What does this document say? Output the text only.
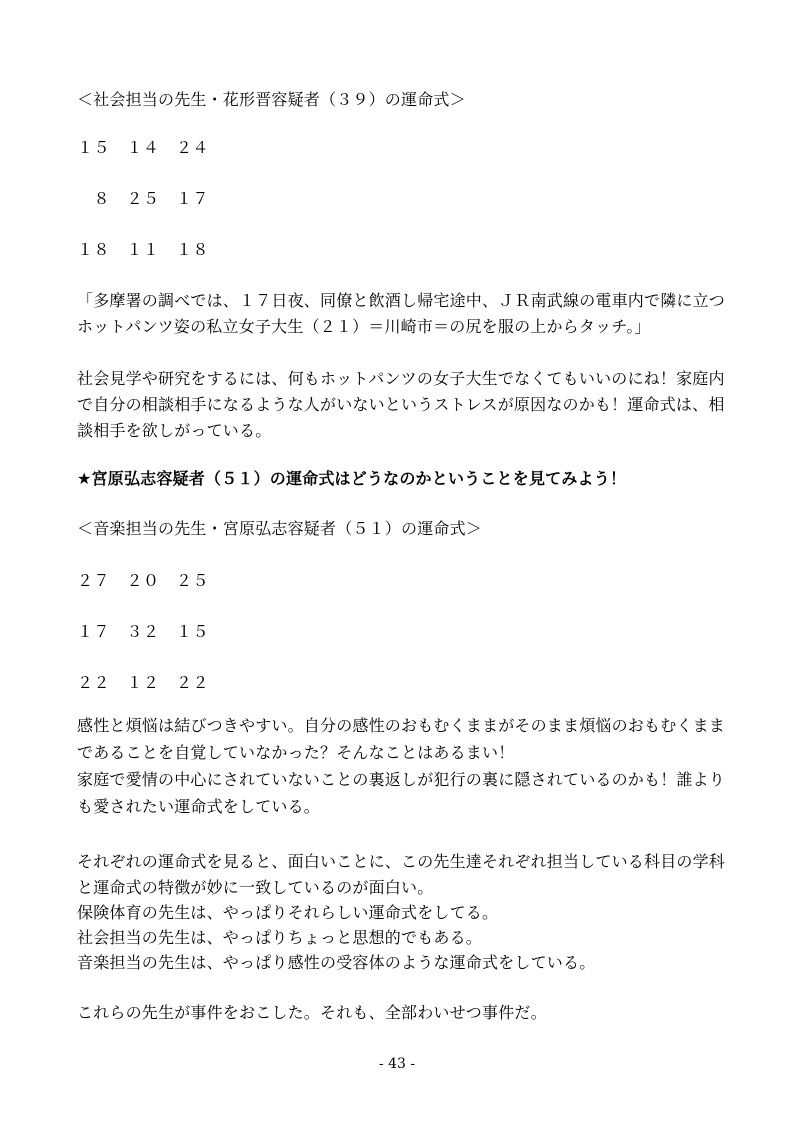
＜社会担当の先生・花形晋容疑者（３９）の運命式＞
１５　１４　２４
　８　２５　１７
１８　１１　１８
「多摩署の調べでは、１７日夜、同僚と飲酒し帰宅途中、ＪＲ南武線の電車内で隣に立つ
ホットパンツ姿の私立女子大生（２１）＝川崎市＝の尻を服の上からタッチ。」
社会見学や研究をするには、何もホットパンツの女子大生でなくてもいいのにね！家庭内
で自分の相談相手になるような人がいないというストレスが原因なのかも！運命式は、相
談相手を欲しがっている。
★宮原弘志容疑者（５１）の運命式はどうなのかということを見てみよう！
＜音楽担当の先生・宮原弘志容疑者（５１）の運命式＞
２７　２０　２５
１７　３２　１５
２２　１２　２２
感性と煩悩は結びつきやすい。自分の感性のおもむくままがそのまま煩悩のおもむくまま
であることを自覚していなかった？そんなことはあるまい！
家庭で愛情の中心にされていないことの裏返しが犯行の裏に隠されているのかも！誰より
も愛されたい運命式をしている。
それぞれの運命式を見ると、面白いことに、この先生達それぞれ担当している科目の学科
と運命式の特徴が妙に一致しているのが面白い。
保険体育の先生は、やっぱりそれらしい運命式をしてる。
社会担当の先生は、やっぱりちょっと思想的でもある。
音楽担当の先生は、やっぱり感性の受容体のような運命式をしている。
これらの先生が事件をおこした。それも、全部わいせつ事件だ。
- 43 -
